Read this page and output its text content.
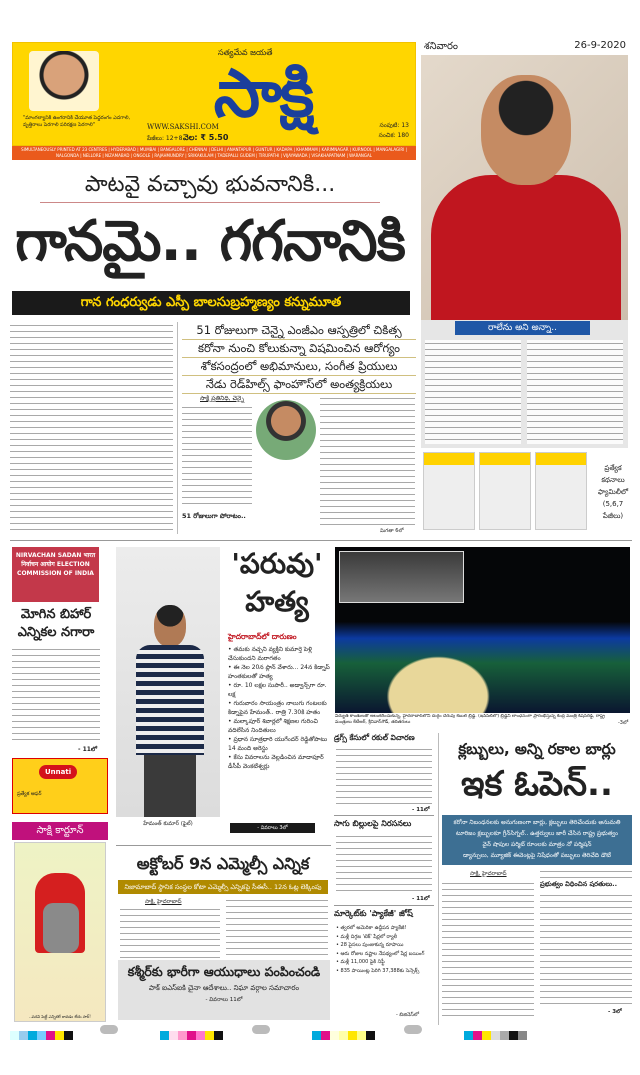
"మాంగల్యానికి ఉంగరానికి చేయూత పెద్దరంగం ఎదగాలి, వృత్తిరాలు పెరగాలి పరిరక్షణ పెరగాలి"
సత్యమేవ జయతే
సాక్షి
WWW.SAKSHI.COM
పేజీలు: 12+8 వెల: ₹ 5.50
సంపుటి: 13
సంచిక: 180
SIMULTANEOUSLY PRINTED AT 23 CENTRES | HYDERABAD | MUMBAI | BANGALORE | CHENNAI | DELHI | ANANTAPUR | GUNTUR | KADAPA | KHAMMAM | KARIMNAGAR | KURNOOL | MANGALAGIRI | NALGONDA | NELLORE | NIZAMABAD | ONGOLE | RAJAHMUNDRY | SRIKAKULAM | TADEPALLI GUDEM | TIRUPATHI | VIJAYAWADA | VISAKHAPATNAM | WARANGAL
శనివారం	26-9-2020
పాటవై వచ్చావు భువనానికి...
గానమై.. గగనానికి
గాన గంధర్వుడు ఎస్పీ బాలసుబ్రహ్మణ్యం కన్నుమూత
51 రోజులుగా చెన్నై ఎంజీఎం ఆస్పత్రిలో చికిత్స
కరోనా నుంచి కోలుకున్నా విషమించిన ఆరోగ్యం
శోకసంద్రంలో అభిమానులు, సంగీత ప్రియులు
నేడు రెడ్‌హిల్స్ ఫాంహౌస్‌లో అంత్యక్రియలు
సాక్షి ప్రతినిధి, చెన్నై
51 రోజులుగా పోరాటం..
మిగతా 6లో
రాలేను అని అన్నా..
ప్రత్యేక కథనాలు ఫ్యామిలీలో (5,6,7 పేజీలు)
NIRVACHAN SADAN भारत निर्वाचन आयोग ELECTION COMMISSION OF INDIA
మోగిన బిహార్ ఎన్నికల నగారా
- 11లో
Unnati
ప్రత్యేక ఆఫర్
హేమంత్ కుమార్ (ఫైల్)
'పరువు' హత్య
హైదరాబాద్‌లో దారుణం
• తమకు నచ్చని వ్యక్తిని కుమార్తె పెళ్లి చేసుకుందని మరాగతం
• ఈ నెల 20న ప్లాన్ వేశారు... 24న కిడ్నాప్ హంతకులతో హత్య
• రూ. 10 లక్షల సుపారీ.. అడ్వాన్స్‌గా రూ. లక్ష
• గురువారం సాయంత్రం నాలుగు గంటలకు కిడ్నాపైన హేమంత్.. రాత్రి 7.30కి హతం
• మల్కాపూర్ శివార్లలో శిక్షణల గురించి వదిలేసిన నిందితులు
• ప్రధాన సూత్రధారి యుగేందర్ రెడ్డితోపాటు 14 మంది అరెస్టు
• కేసు వివరాలను వెల్లడించిన మాదాపూర్ డీసీపీ వెంకటేశ్వర్లు
- వివరాలు 3లో
విద్యుత్ కాంతులతో అలంకరించుకున్న, హైదరాబాద్‌లోని దుర్గం చెరువు కేబుల్ బ్రిడ్జి. (ఇన్‌సెట్‌లో) బ్రిడ్జిని లాంఛనంగా ప్రారంభిస్తున్న కేంద్ర మంత్రి కిషన్‌రెడ్డి, రాష్ట్ర మంత్రులు కేటీఆర్, శ్రీనివాస్‌గౌడ్, తదితరులు	-3లో
డ్రగ్స్ కేసులో రకుల్ విచారణ
- 11లో
సాగు బిల్లులపై నిరసనలు
- 11లో
మార్కెట్‌కు 'ప్యాకేజీ' జోష్
• త్వరలో అమెరికా ఉద్దీపన ప్యాకేజీ!
• మళ్లీ దిగ్గజ 'టెక్' షేర్లలో ర్యాలీ
• 28 పైసలు పుంజుకున్న రూపాయి
• ఆరు రోజుల నష్టాల నేపథ్యంలో షేర్ల బయింగ్
• మళ్లీ 11,000 పైకి నిఫ్టీ
• 835 పాయింట్ల పెరిగి 37,388కు సెన్సెక్స్
- బిజినెస్‌లో
క్లబ్బులు, అన్ని రకాల బార్లు
ఇక ఓపెన్..
కరోనా నిబంధనలకు అనుగుణంగా బార్లు, క్లబ్బులు తెరిచేందుకు అనుమతి
టూరిజం క్లబ్బులకూ గ్రీన్‌సిగ్నల్.. ఉత్తర్వులు జారీ చేసిన రాష్ట్ర ప్రభుత్వం
వైన్ షాపుల పర్మిట్ రూంలకు మాత్రం నో పర్మిషన్
డ్యాన్సులు, మ్యూజిక్ ఈవెంట్లపై నిషేధంతో పబ్బులు తెరిచేది డౌటే
సాక్షి, హైదరాబాద్
ప్రభుత్వం విధించిన షరతులు..
- 3లో
సాక్షి కార్టూన్
..పదవి పెట్టే ఎన్నికలే రావడం లేదు సార్!
అక్టోబర్ 9న ఎమ్మెల్సీ ఎన్నిక
నిజామాబాద్ స్థానిక సంస్థల కోటా ఎమ్మెల్సీ ఎన్నికపై సీఈసీ.. 12న ఓట్ల లెక్కింపు
సాక్షి, హైదరాబాద్
కశ్మీర్‌కు భారీగా ఆయుధాలు పంపించండి
పాక్ ఐఎస్‌ఐకి చైనా ఆదేశాలు.. నిఘా వర్గాల సమాచారం
- వివరాలు 11లో
